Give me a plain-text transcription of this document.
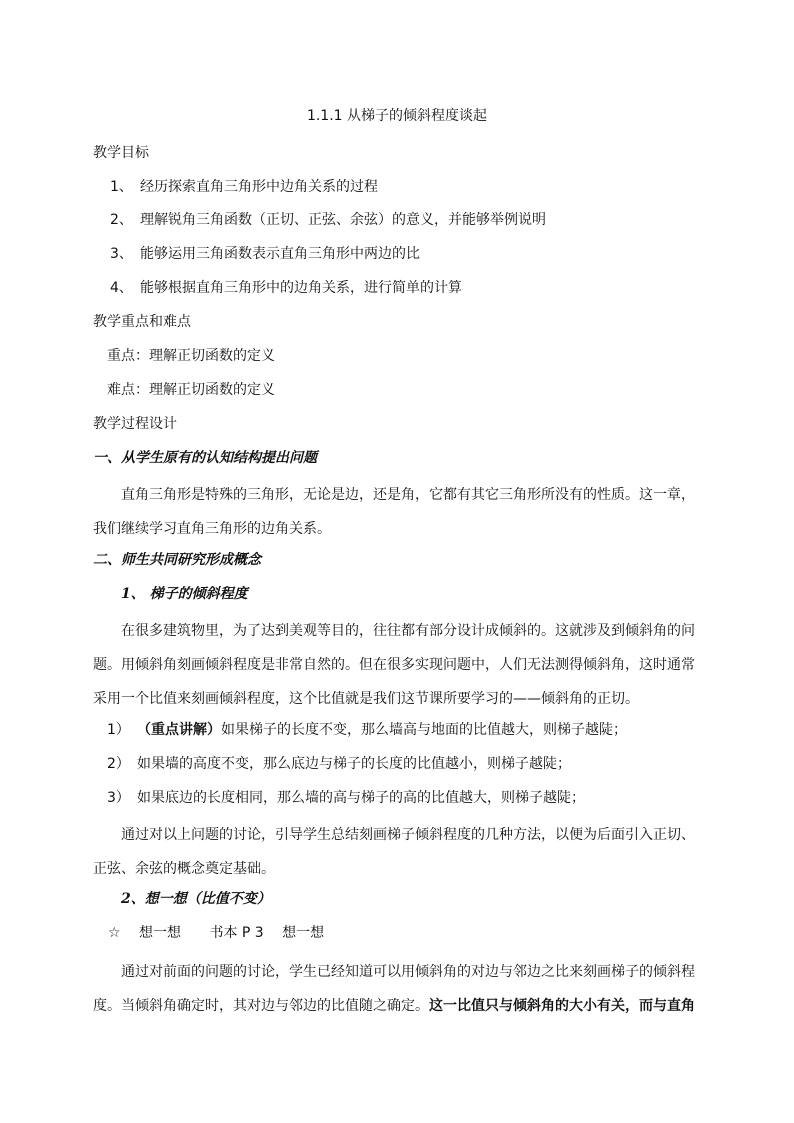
1.1.1 从梯子的倾斜程度谈起
教学目标
1、 经历探索直角三角形中边角关系的过程
2、 理解锐角三角函数（正切、正弦、余弦）的意义，并能够举例说明
3、 能够运用三角函数表示直角三角形中两边的比
4、 能够根据直角三角形中的边角关系，进行简单的计算
教学重点和难点
重点：理解正切函数的定义
难点：理解正切函数的定义
教学过程设计
一、从学生原有的认知结构提出问题
直角三角形是特殊的三角形，无论是边，还是角，它都有其它三角形所没有的性质。这一章，我们继续学习直角三角形的边角关系。
二、师生共同研究形成概念
1、 梯子的倾斜程度
在很多建筑物里，为了达到美观等目的，往往都有部分设计成倾斜的。这就涉及到倾斜角的问题。用倾斜角刻画倾斜程度是非常自然的。但在很多实现问题中，人们无法测得倾斜角，这时通常采用一个比值来刻画倾斜程度，这个比值就是我们这节课所要学习的——倾斜角的正切。
1） （重点讲解）如果梯子的长度不变，那么墙高与地面的比值越大，则梯子越陡；
2） 如果墙的高度不变，那么底边与梯子的长度的比值越小，则梯子越陡；
3） 如果底边的长度相同，那么墙的高与梯子的高的比值越大，则梯子越陡；
通过对以上问题的讨论，引导学生总结刻画梯子倾斜程度的几种方法，以便为后面引入正切、正弦、余弦的概念奠定基础。
2、想一想（比值不变）
☆ 想一想 书本 P 3 想一想
通过对前面的问题的讨论，学生已经知道可以用倾斜角的对边与邻边之比来刻画梯子的倾斜程度。当倾斜角确定时，其对边与邻边的比值随之确定。这一比值只与倾斜角的大小有关，而与直角
